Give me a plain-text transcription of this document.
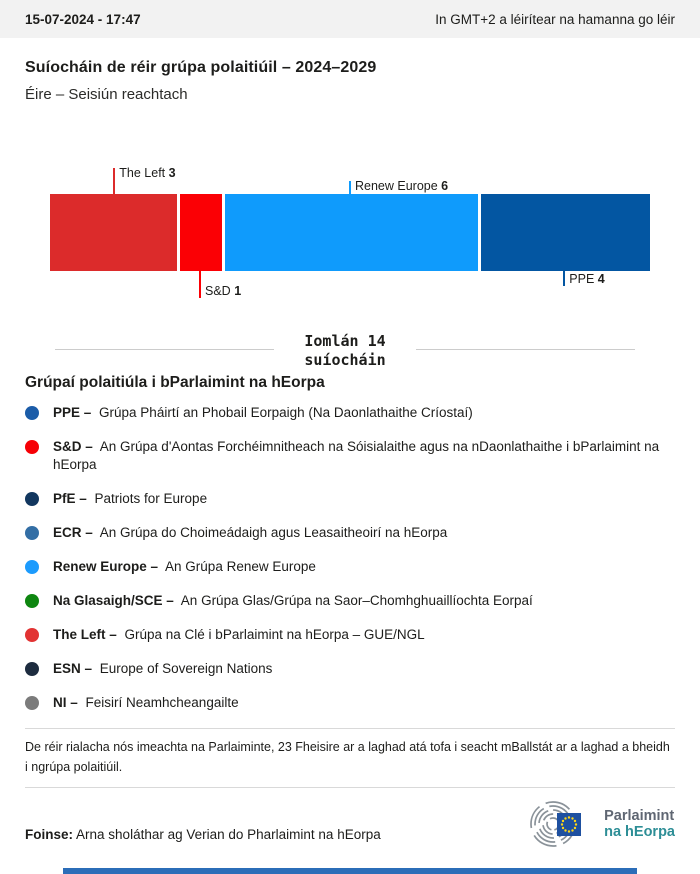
15-07-2024 - 17:47	In GMT+2 a léirítear na hamanna go léir
Suíocháin de réir grúpa polaitiúil – 2024–2029
Éire – Seisiún reachtach
The Left 3
S&D 1
Renew Europe 6
PPE 4
Iomlán 14
suíocháin
Grúpaí polaitiúla i bParlaimint na hEorpa
PPE – Grúpa Pháirtí an Phobail Eorpaigh (Na Daonlathaithe Críostaí)
S&D – An Grúpa d'Aontas Forchéimnitheach na Sóisialaithe agus na nDaonlathaithe i bParlaimint na hEorpa
PfE – Patriots for Europe
ECR – An Grúpa do Choimeádaigh agus Leasaitheoirí na hEorpa
Renew Europe – An Grúpa Renew Europe
Na Glasaigh/SCE – An Grúpa Glas/Grúpa na Saor–Chomhghuaillíochta Eorpaí
The Left – Grúpa na Clé i bParlaimint na hEorpa – GUE/NGL
ESN – Europe of Sovereign Nations
NI – Feisirí Neamhcheangailte

De réir rialacha nós imeachta na Parlaiminte, 23 Fheisire ar a laghad atá tofa i seacht mBallstát ar a laghad a bheidh i ngrúpa polaitiúil.

Foinse: Arna sholáthar ag Verian do Pharlaimint na hEorpa
Parlaimint
na hEorpa
